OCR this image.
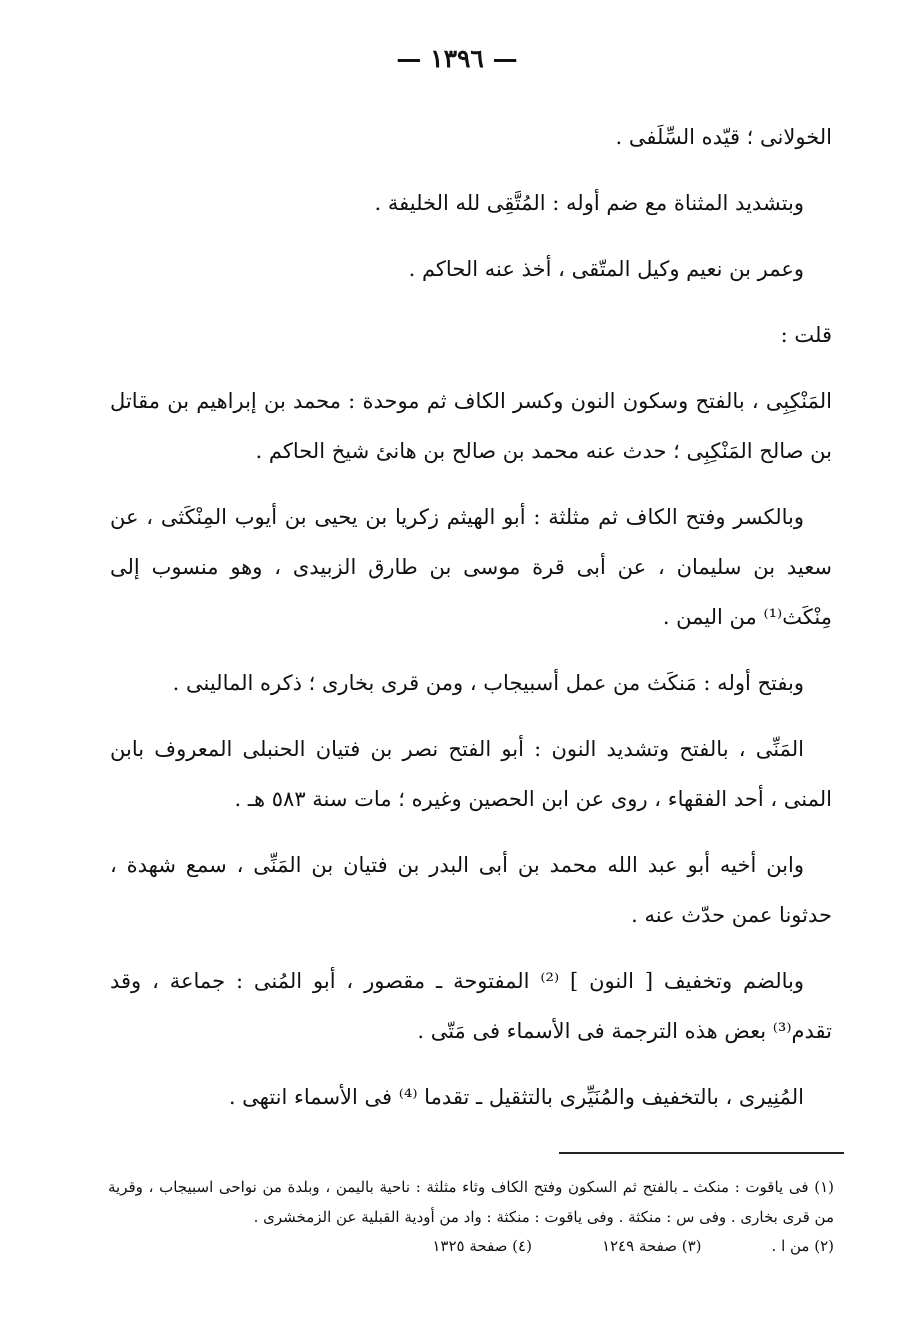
— ١٣٩٦ —

الخولانى ؛ قيّده السِّلَفى .

وبتشديد المثناة مع ضم أوله : المُتَّقِى لله الخليفة .

وعمر بن نعيم وكيل المتّقى ، أخذ عنه الحاكم .

قلت :

المَنْكِبِى ، بالفتح وسكون النون وكسر الكاف ثم موحدة : محمد بن إبراهيم بن مقاتل بن صالح المَنْكِبِى ؛ حدث عنه محمد بن صالح بن هانئ شيخ الحاكم .

وبالكسر وفتح الكاف ثم مثلثة : أبو الهيثم زكريا بن يحيى بن أيوب المِنْكَثى ، عن سعيد بن سليمان ، عن أبى قرة موسى بن طارق الزبيدى ، وهو منسوب إلى مِنْكَث⁽¹⁾ من اليمن .

وبفتح أوله : مَنكَث من عمل أسبيجاب ، ومن قرى بخارى ؛ ذكره المالينى .

المَنِّى ، بالفتح وتشديد النون : أبو الفتح نصر بن فتيان الحنبلى المعروف بابن المنى ، أحد الفقهاء ، روى عن ابن الحصين وغيره ؛ مات سنة ٥٨٣ هـ .

وابن أخيه أبو عبد الله محمد بن أبى البدر بن فتيان بن المَنِّى ، سمع شهدة ، حدثونا عمن حدّث عنه .

وبالضم وتخفيف [ النون ] ⁽²⁾ المفتوحة ـ مقصور ، أبو المُنى : جماعة ، وقد تقدم⁽³⁾ بعض هذه الترجمة فى الأسماء فى مَتّى .

المُنِيرى ، بالتخفيف والمُنَيِّرى بالتثقيل ـ تقدما ⁽⁴⁾ فى الأسماء انتهى .

(١) فى ياقوت : منكث ـ بالفتح ثم السكون وفتح الكاف وثاء مثلثة : ناحية باليمن ، وبلدة من نواحى اسبيجاب ، وقرية من قرى بخارى . وفى س : منكثة . وفى ياقوت : منكثة : واد من أودية القبلية عن الزمخشرى .

(٢) من ا .
(٣) صفحة ١٢٤٩
(٤) صفحة ١٣٢٥
